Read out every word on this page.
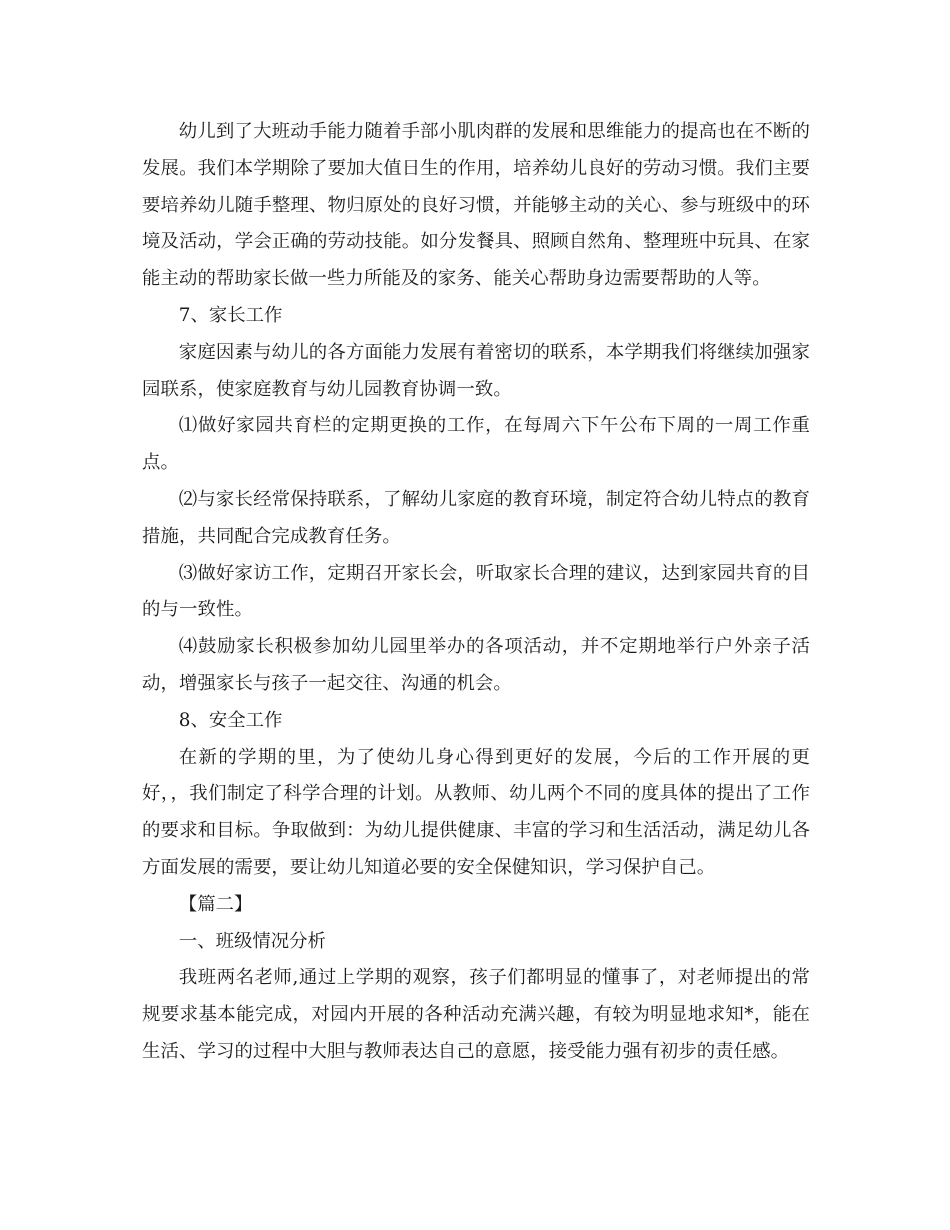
幼儿到了大班动手能力随着手部小肌肉群的发展和思维能力的提高也在不断的发展。我们本学期除了要加大值日生的作用，培养幼儿良好的劳动习惯。我们主要要培养幼儿随手整理、物归原处的良好习惯，并能够主动的关心、参与班级中的环境及活动，学会正确的劳动技能。如分发餐具、照顾自然角、整理班中玩具、在家能主动的帮助家长做一些力所能及的家务、能关心帮助身边需要帮助的人等。

7、家长工作

家庭因素与幼儿的各方面能力发展有着密切的联系，本学期我们将继续加强家园联系，使家庭教育与幼儿园教育协调一致。

⑴做好家园共育栏的定期更换的工作，在每周六下午公布下周的一周工作重点。

⑵与家长经常保持联系，了解幼儿家庭的教育环境，制定符合幼儿特点的教育措施，共同配合完成教育任务。

⑶做好家访工作，定期召开家长会，听取家长合理的建议，达到家园共育的目的与一致性。

⑷鼓励家长积极参加幼儿园里举办的各项活动，并不定期地举行户外亲子活动，增强家长与孩子一起交往、沟通的机会。

8、安全工作

在新的学期的里，为了使幼儿身心得到更好的发展，今后的工作开展的更好，，我们制定了科学合理的计划。从教师、幼儿两个不同的度具体的提出了工作的要求和目标。争取做到：为幼儿提供健康、丰富的学习和生活活动，满足幼儿各方面发展的需要，要让幼儿知道必要的安全保健知识，学习保护自己。

【篇二】

一、班级情况分析

我班两名老师,通过上学期的观察，孩子们都明显的懂事了，对老师提出的常规要求基本能完成，对园内开展的各种活动充满兴趣，有较为明显地求知*，能在生活、学习的过程中大胆与教师表达自己的意愿，接受能力强有初步的责任感。
